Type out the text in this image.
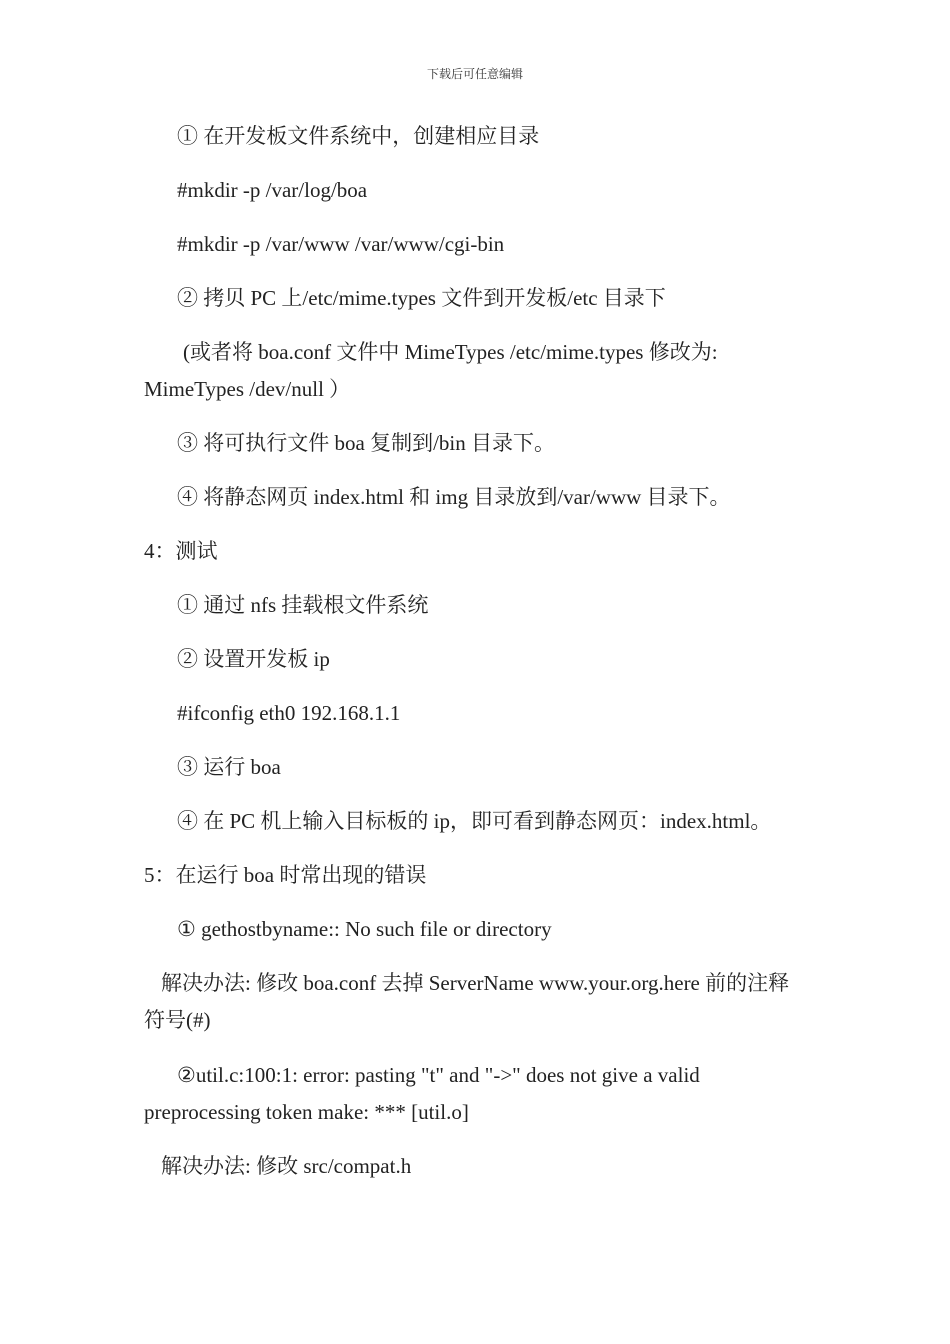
下载后可任意编辑
① 在开发板文件系统中，创建相应目录
#mkdir -p /var/log/boa
#mkdir -p /var/www /var/www/cgi-bin
② 拷贝 PC 上/etc/mime.types 文件到开发板/etc 目录下
(或者将 boa.conf 文件中 MimeTypes /etc/mime.types 修改为: MimeTypes /dev/null ）
③ 将可执行文件 boa 复制到/bin 目录下。
④ 将静态网页 index.html 和 img 目录放到/var/www 目录下。
4：测试
① 通过 nfs 挂载根文件系统
② 设置开发板 ip
#ifconfig eth0 192.168.1.1
③ 运行 boa
④ 在 PC 机上输入目标板的 ip，即可看到静态网页：index.html。
5：在运行 boa 时常出现的错误
① gethostbyname:: No such file or directory
解决办法: 修改 boa.conf 去掉 ServerName www.your.org.here 前的注释符号(#)
②util.c:100:1: error: pasting "t" and "->" does not give a valid preprocessing token make: *** [util.o]
解决办法: 修改 src/compat.h
